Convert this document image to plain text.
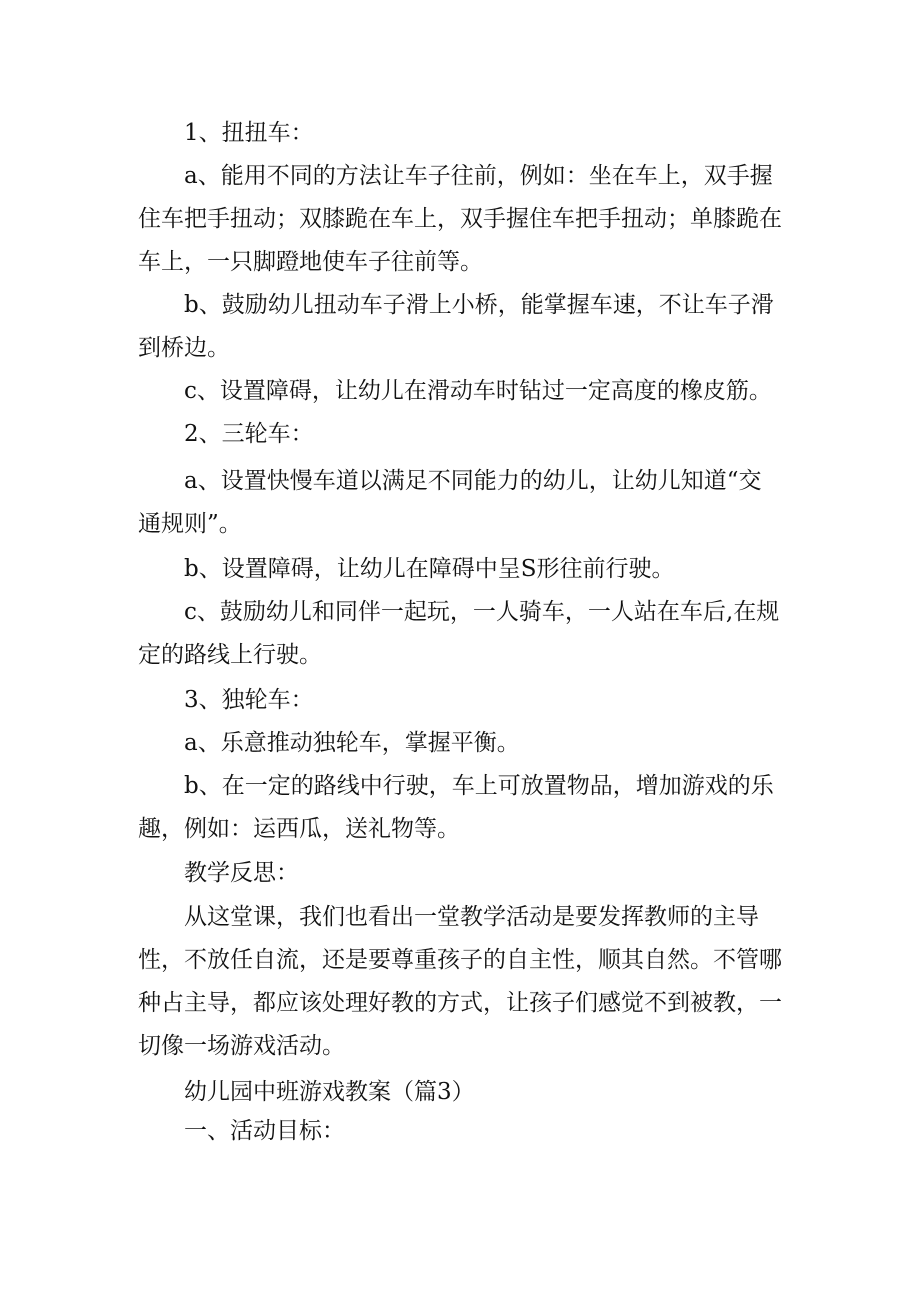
1、扭扭车：

a、能用不同的方法让车子往前，例如：坐在车上，双手握住车把手扭动；双膝跪在车上，双手握住车把手扭动；单膝跪在车上，一只脚蹬地使车子往前等。

b、鼓励幼儿扭动车子滑上小桥，能掌握车速，不让车子滑到桥边。

c、设置障碍，让幼儿在滑动车时钻过一定高度的橡皮筋。

2、三轮车：

a、设置快慢车道以满足不同能力的幼儿，让幼儿知道“交通规则”。

b、设置障碍，让幼儿在障碍中呈S形往前行驶。

c、鼓励幼儿和同伴一起玩，一人骑车，一人站在车后,在规定的路线上行驶。

3、独轮车：

a、乐意推动独轮车，掌握平衡。

b、在一定的路线中行驶，车上可放置物品，增加游戏的乐趣，例如：运西瓜，送礼物等。

教学反思：

从这堂课，我们也看出一堂教学活动是要发挥教师的主导性，不放任自流，还是要尊重孩子的自主性，顺其自然。不管哪种占主导，都应该处理好教的方式，让孩子们感觉不到被教，一切像一场游戏活动。

幼儿园中班游戏教案（篇3）

一、活动目标：
